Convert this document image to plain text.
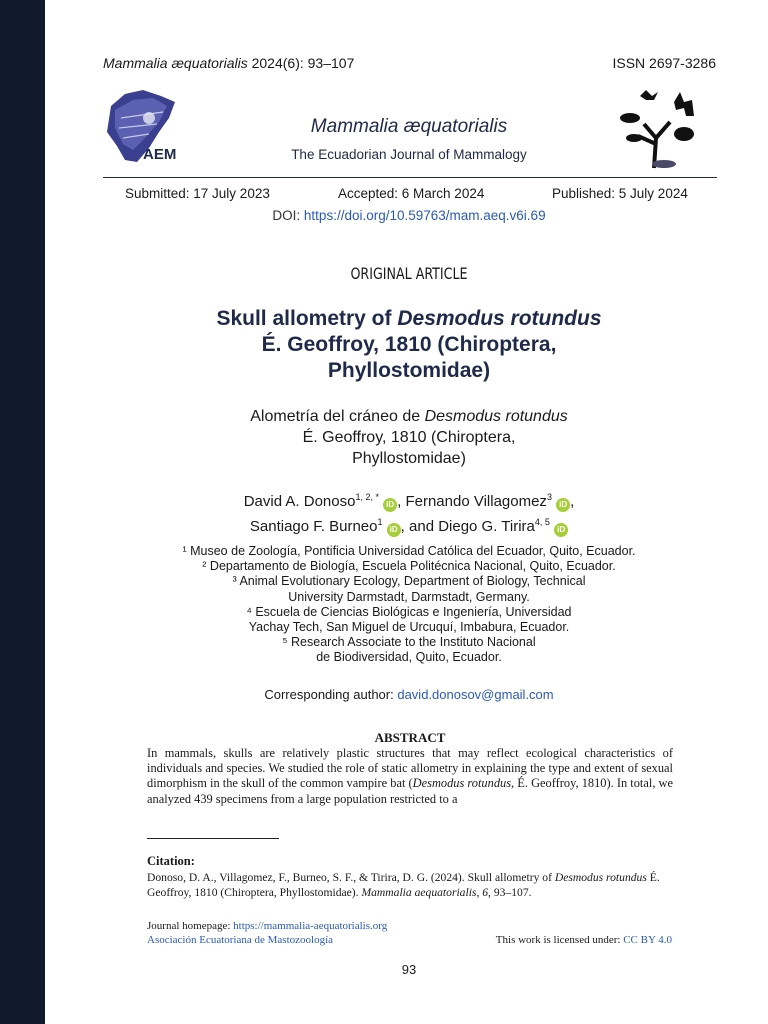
Mammalia æquatorialis 2024(6): 93–107	ISSN 2697-3286
AEM
Mammalia æquatorialis
The Ecuadorian Journal of Mammalogy
Submitted: 17 July 2023	Accepted: 6 March 2024	Published: 5 July 2024
DOI: https://doi.org/10.59763/mam.aeq.v6i.69
ORIGINAL ARTICLE
Skull allometry of Desmodus rotundus
É. Geoffroy, 1810 (Chiroptera,
Phyllostomidae)
Alometría del cráneo de Desmodus rotundus
É. Geoffroy, 1810 (Chiroptera,
Phyllostomidae)
David A. Donoso$^{1, 2, *}$ iD , Fernando Villagomez$^3$ iD ,
Santiago F. Burneo$^1$ iD , and Diego G. Tirira$^{4, 5}$ iD
¹ Museo de Zoología, Pontificia Universidad Católica del Ecuador, Quito, Ecuador.
² Departamento de Biología, Escuela Politécnica Nacional, Quito, Ecuador.
³ Animal Evolutionary Ecology, Department of Biology, Technical
University Darmstadt, Darmstadt, Germany.
⁴ Escuela de Ciencias Biológicas e Ingeniería, Universidad
Yachay Tech, San Miguel de Urcuquí, Imbabura, Ecuador.
⁵ Research Associate to the Instituto Nacional
de Biodiversidad, Quito, Ecuador.
Corresponding author: david.donosov@gmail.com
ABSTRACT
In mammals, skulls are relatively plastic structures that may reflect ecological characteristics of individuals and species. We studied the role of static allometry in explaining the type and extent of sexual dimorphism in the skull of the common vampire bat (Desmodus rotundus, É. Geoffroy, 1810). In total, we analyzed 439 specimens from a large population restricted to a
Citation:
Donoso, D. A., Villagomez, F., Burneo, S. F., & Tirira, D. G. (2024). Skull allometry of Desmodus rotundus É. Geoffroy, 1810 (Chiroptera, Phyllostomidae). Mammalia aequatorialis, 6, 93–107.
Journal homepage: https://mammalia-aequatorialis.org
Asociación Ecuatoriana de Mastozoología	This work is licensed under: CC BY 4.0
93
